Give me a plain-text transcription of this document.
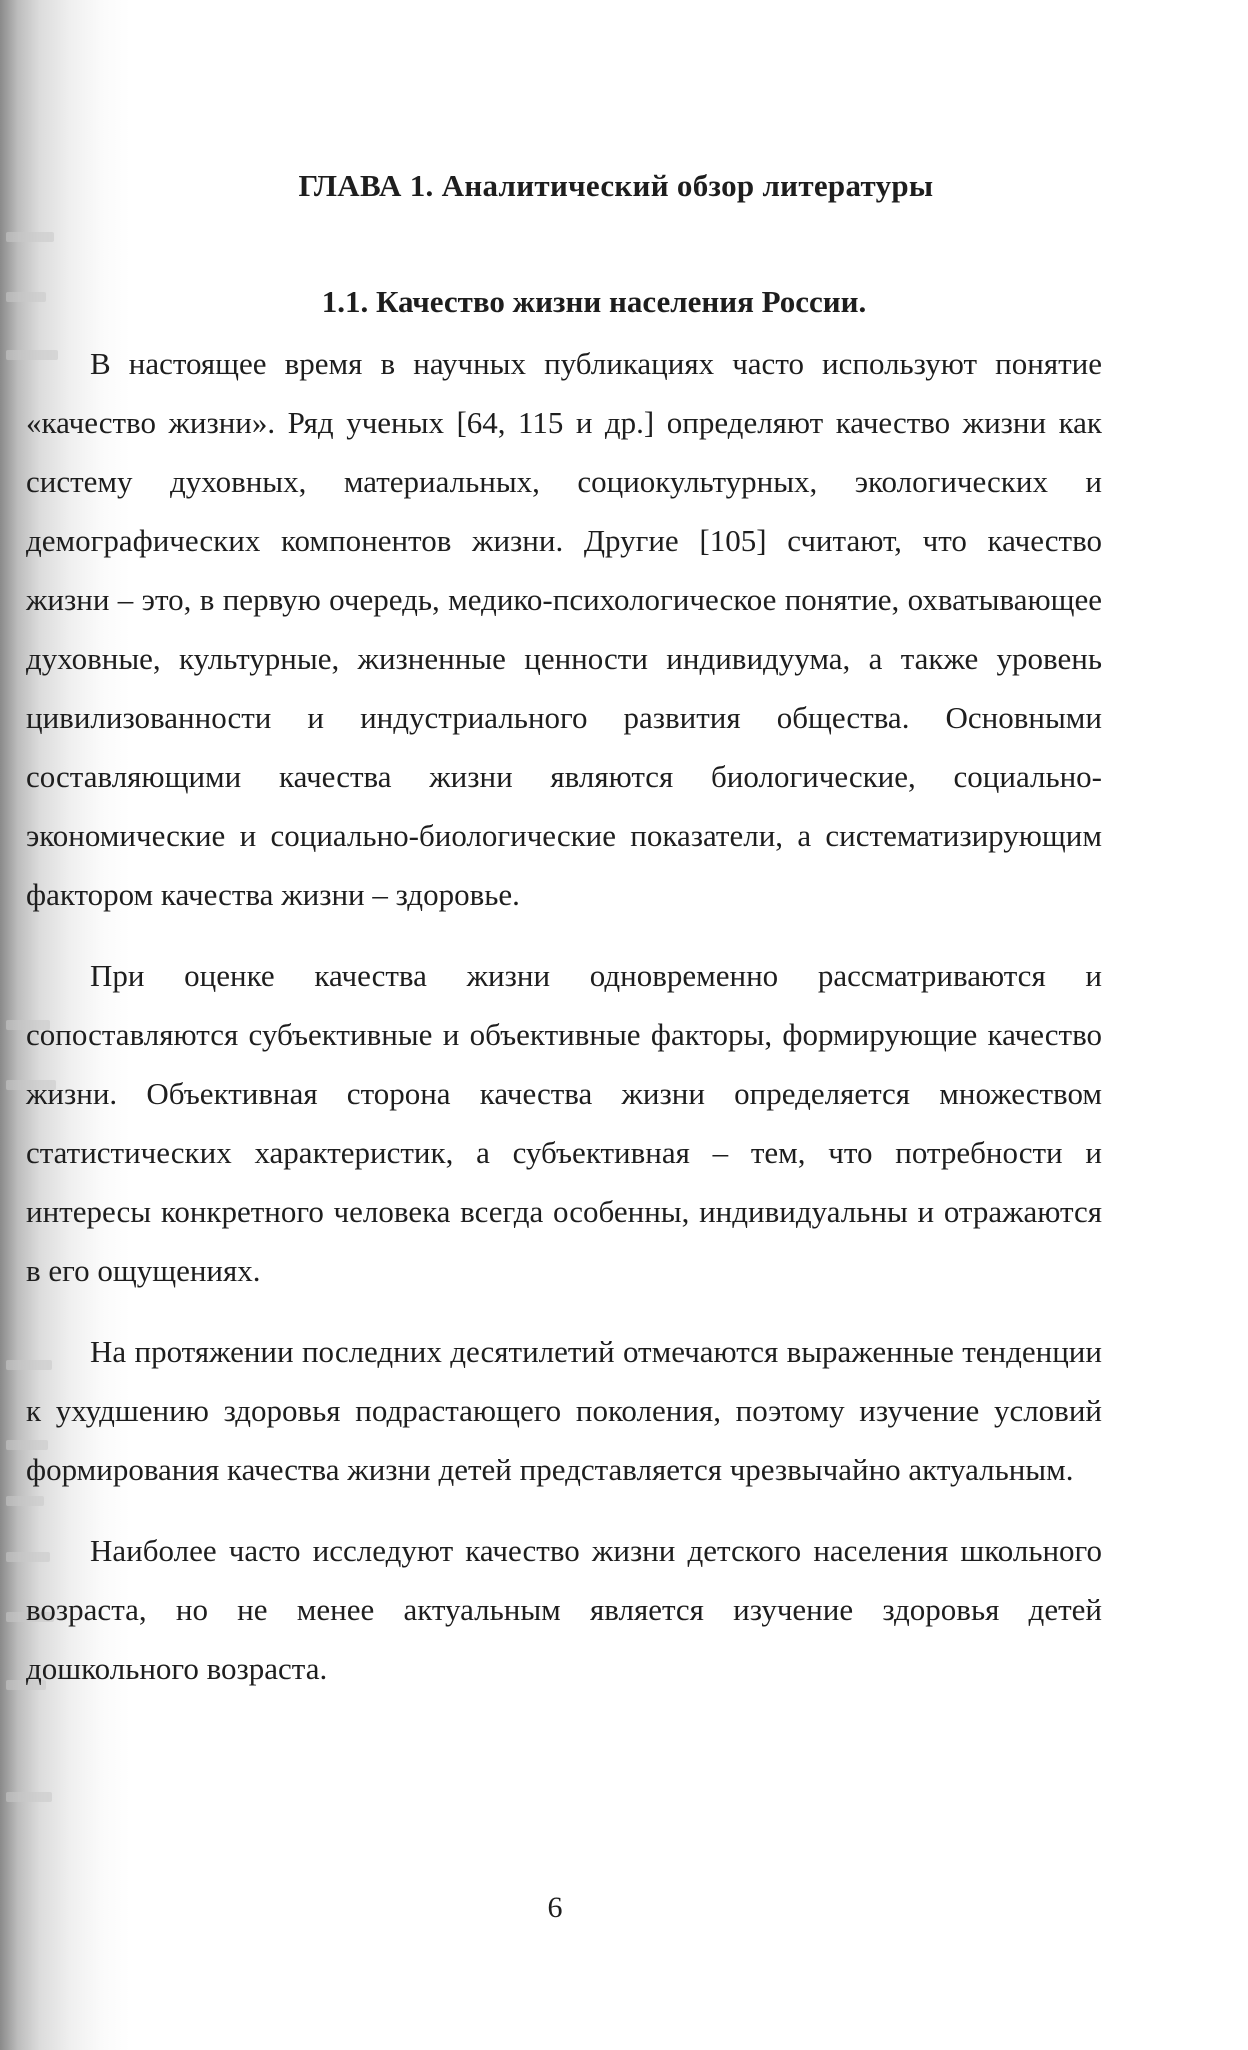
ГЛАВА 1. Аналитический обзор литературы
1.1. Качество жизни населения России.

В настоящее время в научных публикациях часто используют понятие «качество жизни». Ряд ученых [64, 115 и др.] определяют качество жизни как систему духовных, материальных, социокультурных, экологических и демографических компонентов жизни. Другие [105] считают, что качество жизни – это, в первую очередь, медико-психологическое понятие, охватывающее духовные, культурные, жизненные ценности индивидуума, а также уровень цивилизованности и индустриального развития общества. Основными составляющими качества жизни являются биологические, социально-экономические и социально-биологические показатели, а систематизирующим фактором качества жизни – здоровье.

При оценке качества жизни одновременно рассматриваются и сопоставляются субъективные и объективные факторы, формирующие качество жизни. Объективная сторона качества жизни определяется множеством статистических характеристик, а субъективная – тем, что потребности и интересы конкретного человека всегда особенны, индивидуальны и отражаются в его ощущениях.

На протяжении последних десятилетий отмечаются выраженные тенденции к ухудшению здоровья подрастающего поколения, поэтому изучение условий формирования качества жизни детей представляется чрезвычайно актуальным.

Наиболее часто исследуют качество жизни детского населения школьного возраста, но не менее актуальным является изучение здоровья детей дошкольного возраста.

6
